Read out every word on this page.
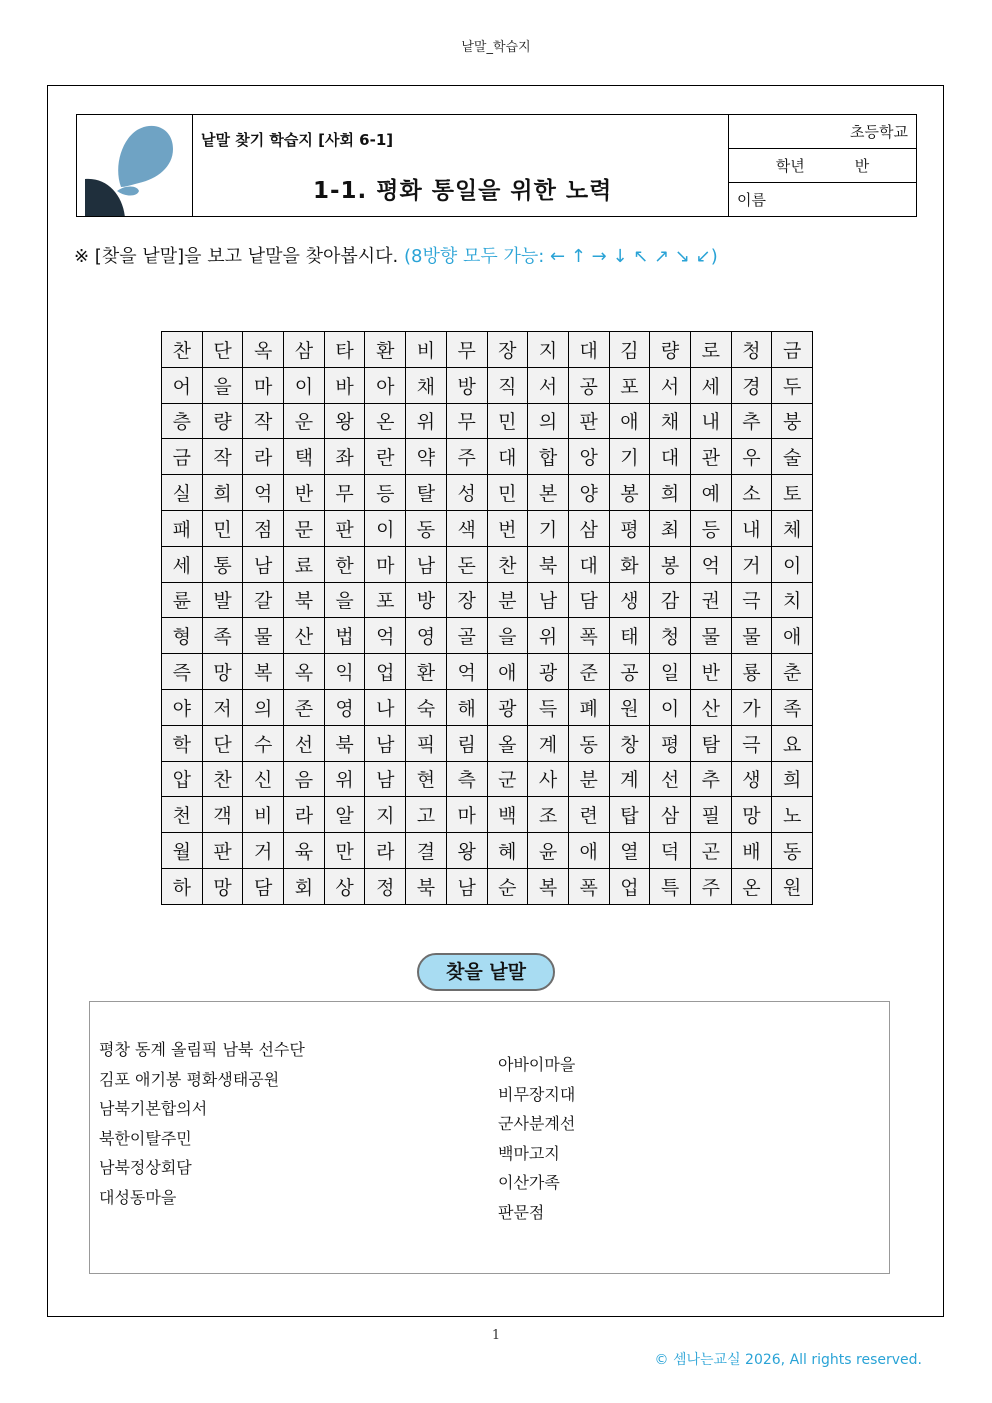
낱말_학습지
낱말 찾기 학습지 [사회 6-1]
1-1. 평화 통일을 위한 노력
초등학교
학년	반
이름
※ [찾을 낱말]을 보고 낱말을 찾아봅시다. (8방향 모두 가능: ← ↑ → ↓ ↖ ↗ ↘ ↙)
찬	단	옥	삼	타	환	비	무	장	지	대	김	량	로	청	금
어	을	마	이	바	아	채	방	직	서	공	포	서	세	경	두
층	량	작	운	왕	온	위	무	민	의	판	애	채	내	추	붕
금	작	라	택	좌	란	약	주	대	합	앙	기	대	관	우	술
실	희	억	반	무	등	탈	성	민	본	양	봉	희	예	소	토
패	민	점	문	판	이	동	색	번	기	삼	평	최	등	내	체
세	통	남	료	한	마	남	돈	찬	북	대	화	봉	억	거	이
륜	발	갈	북	을	포	방	장	분	남	담	생	감	권	극	치
형	족	물	산	법	억	영	골	을	위	폭	태	청	물	물	애
즉	망	복	옥	익	업	환	억	애	광	준	공	일	반	룡	춘
야	저	의	존	영	나	숙	해	광	득	폐	원	이	산	가	족
학	단	수	선	북	남	픽	림	올	계	동	창	평	탐	극	요
압	찬	신	음	위	남	현	측	군	사	분	계	선	추	생	희
천	객	비	라	알	지	고	마	백	조	련	탑	삼	필	망	노
월	판	거	육	만	라	결	왕	혜	윤	애	열	덕	곤	배	동
하	망	담	회	상	정	북	남	순	복	폭	업	특	주	온	원
찾을 낱말
평창 동계 올림픽 남북 선수단
김포 애기봉 평화생태공원
남북기본합의서
북한이탈주민
남북정상회담
대성동마을
아바이마을
비무장지대
군사분계선
백마고지
이산가족
판문점
1
© 셈나는교실 2026, All rights reserved.
